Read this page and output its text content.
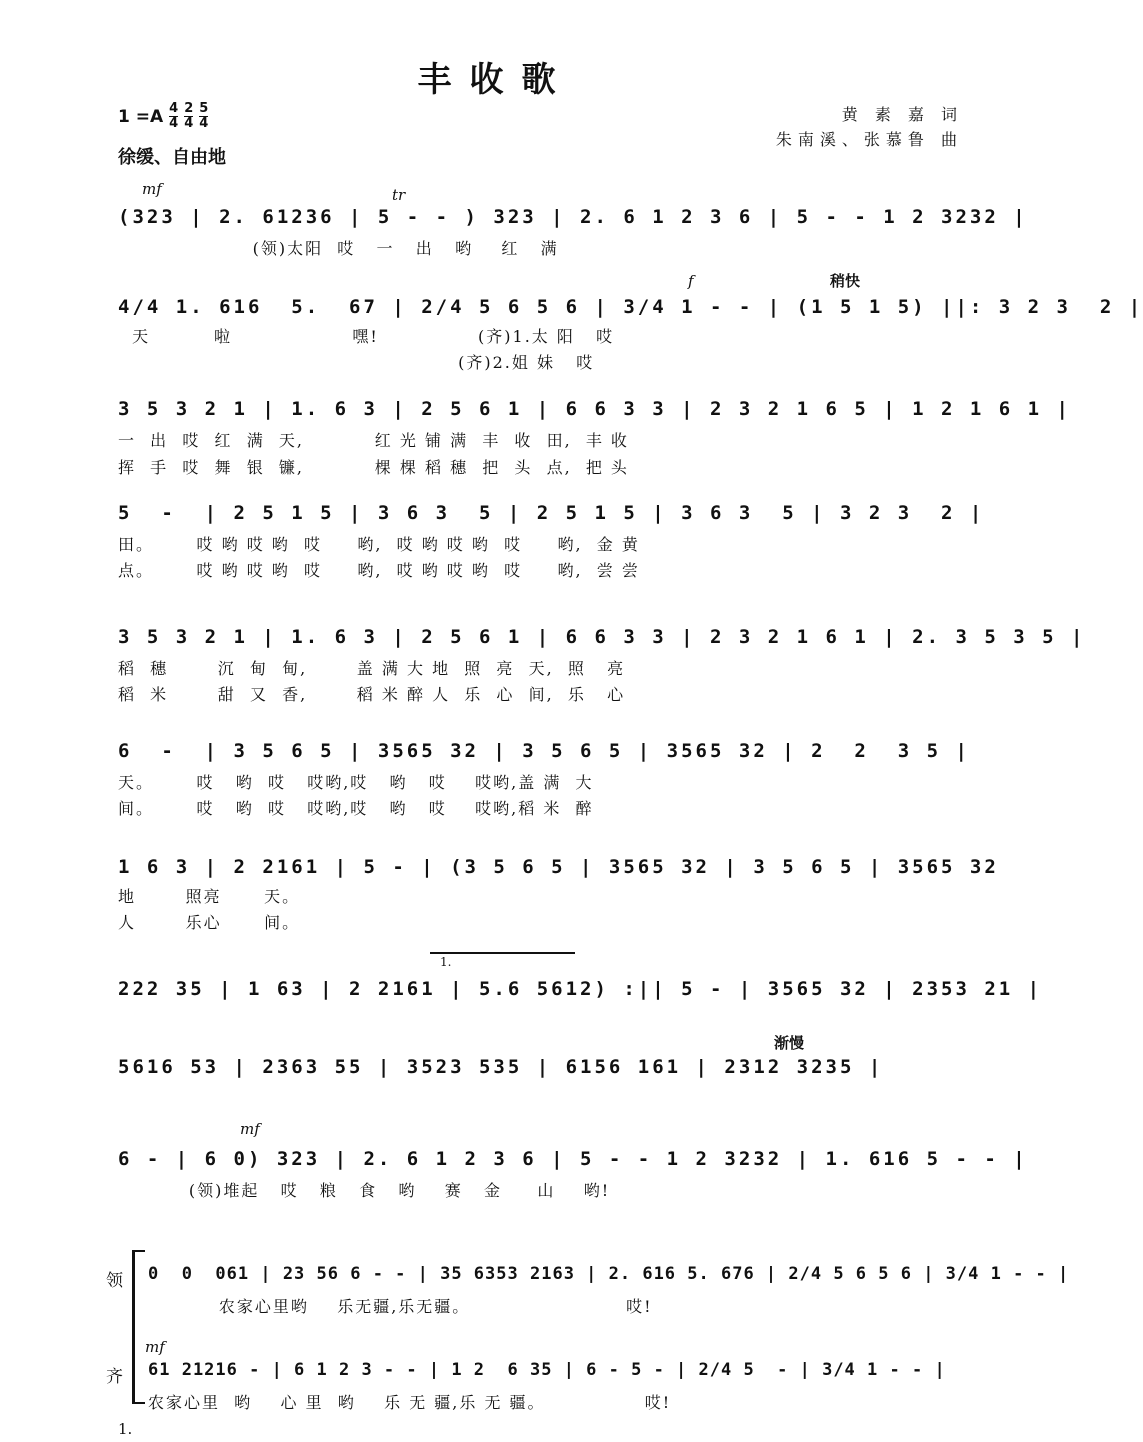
丰收歌
$1 =A \frac{4}{4} \frac{2}{4} \frac{5}{4}$
徐缓、自由地
黄 素 嘉 词
朱南溪、张慕鲁 曲
mf	tr
f	稍快
渐慢
mf
mf
1.
(323 | 2. 61236 | 5 - - ) 323 | 2. 6 1 2 3 6 | 5 - - 1 2 3232 |
(领)太阳  哎   一   出   哟    红   满
4/4 1. 616  5.  67 | 2/4 5 6 5 6 | 3/4 1 - - | (1 5 1 5) ||: 3 2 3  2 |
天         啦                 嘿!              (齐)1.太 阳   哎
(齐)2.姐 妹   哎
3 5 3 2 1 | 1. 6 3 | 2 5 6 1 | 6 6 3 3 | 2 3 2 1 6 5 | 1 2 1 6 1 |
一  出  哎  红  满  天,          红 光 铺 满  丰  收  田,  丰 收
挥  手  哎  舞  银  镰,          棵 棵 稻 穗  把  头  点,  把 头
5  -  | 2 5 1 5 | 3 6 3  5 | 2 5 1 5 | 3 6 3  5 | 3 2 3  2 |
田。      哎 哟 哎 哟  哎     哟,  哎 哟 哎 哟  哎     哟,  金 黄
点。      哎 哟 哎 哟  哎     哟,  哎 哟 哎 哟  哎     哟,  尝 尝
3 5 3 2 1 | 1. 6 3 | 2 5 6 1 | 6 6 3 3 | 2 3 2 1 6 1 | 2. 3 5 3 5 |
稻  穗       沉  甸  甸,       盖 满 大 地  照  亮  天,  照   亮
稻  米       甜  又  香,       稻 米 醉 人  乐  心  间,  乐   心
6  -  | 3 5 6 5 | 3565 32 | 3 5 6 5 | 3565 32 | 2  2  3 5 |
天。      哎   哟  哎   哎哟,哎   哟   哎    哎哟,盖 满  大
间。      哎   哟  哎   哎哟,哎   哟   哎    哎哟,稻 米  醉
1 6 3 | 2 2161 | 5 - | (3 5 6 5 | 3565 32 | 3 5 6 5 | 3565 32
地       照亮      天。
人       乐心      间。
222 35 | 1 63 | 2 2161 | 5.6 5612) :|| 5 - | 3565 32 | 2353 21 |
5616 53 | 2363 55 | 3523 535 | 6156 161 | 2312 3235 |
6 - | 6 0) 323 | 2. 6 1 2 3 6 | 5 - - 1 2 3232 | 1. 616 5 - - |
(领)堆起   哎   粮   食   哟    赛   金     山    哟!
领 0  0  061 | 23 56 6 - - | 35 6353 2163 | 2. 616 5. 676 | 2/4 5 6 5 6 | 3/4 1 - - |
农家心里哟    乐无疆,乐无疆。                      哎!
齐 61 21216 - | 6 1 2 3 - - | 1 2  6 35 | 6 - 5 - | 2/4 5  - | 3/4 1 - - |
农家心里  哟    心 里  哟    乐 无 疆,乐 无 疆。              哎!
1.
